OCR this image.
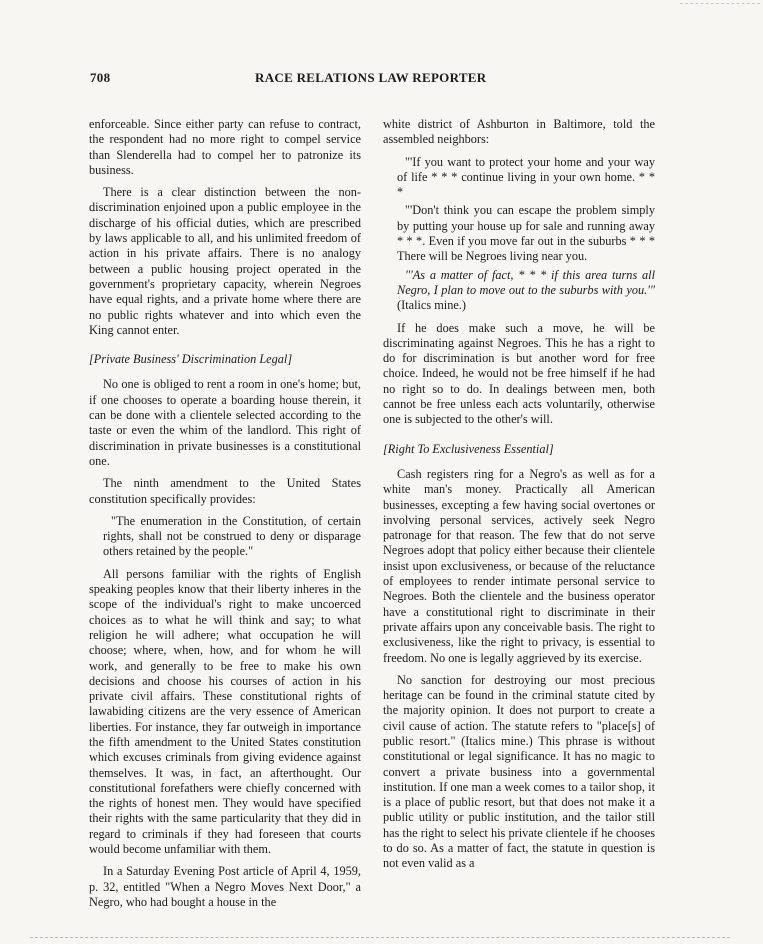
708	RACE RELATIONS LAW REPORTER

enforceable. Since either party can refuse to contract, the respondent had no more right to compel service than Slenderella had to compel her to patronize its business.

There is a clear distinction between the non-discrimination enjoined upon a public employee in the discharge of his official duties, which are prescribed by laws applicable to all, and his unlimited freedom of action in his private affairs. There is no analogy between a public housing project operated in the government's proprietary capacity, wherein Negroes have equal rights, and a private home where there are no public rights whatever and into which even the King cannot enter.

[Private Business' Discrimination Legal]

No one is obliged to rent a room in one's home; but, if one chooses to operate a boarding house therein, it can be done with a clientele selected according to the taste or even the whim of the landlord. This right of discrimination in private businesses is a constitutional one.

The ninth amendment to the United States constitution specifically provides:

"The enumeration in the Constitution, of certain rights, shall not be construed to deny or disparage others retained by the people."

All persons familiar with the rights of English speaking peoples know that their liberty inheres in the scope of the individual's right to make uncoerced choices as to what he will think and say; to what religion he will adhere; what occupation he will choose; where, when, how, and for whom he will work, and generally to be free to make his own decisions and choose his courses of action in his private civil affairs. These constitutional rights of lawabiding citizens are the very essence of American liberties. For instance, they far outweigh in importance the fifth amendment to the United States constitution which excuses criminals from giving evidence against themselves. It was, in fact, an afterthought. Our constitutional forefathers were chiefly concerned with the rights of honest men. They would have specified their rights with the same particularity that they did in regard to criminals if they had foreseen that courts would become unfamiliar with them.

In a Saturday Evening Post article of April 4, 1959, p. 32, entitled "When a Negro Moves Next Door," a Negro, who had bought a house in the

white district of Ashburton in Baltimore, told the assembled neighbors:

"'If you want to protect your home and your way of life * * * continue living in your own home. * * *

"'Don't think you can escape the problem simply by putting your house up for sale and running away * * *. Even if you move far out in the suburbs * * * There will be Negroes living near you.

"'As a matter of fact, * * * if this area turns all Negro, I plan to move out to the suburbs with you.'" (Italics mine.)

If he does make such a move, he will be discriminating against Negroes. This he has a right to do for discrimination is but another word for free choice. Indeed, he would not be free himself if he had no right so to do. In dealings between men, both cannot be free unless each acts voluntarily, otherwise one is subjected to the other's will.

[Right To Exclusiveness Essential]

Cash registers ring for a Negro's as well as for a white man's money. Practically all American businesses, excepting a few having social overtones or involving personal services, actively seek Negro patronage for that reason. The few that do not serve Negroes adopt that policy either because their clientele insist upon exclusiveness, or because of the reluctance of employees to render intimate personal service to Negroes. Both the clientele and the business operator have a constitutional right to discriminate in their private affairs upon any conceivable basis. The right to exclusiveness, like the right to privacy, is essential to freedom. No one is legally aggrieved by its exercise.

No sanction for destroying our most precious heritage can be found in the criminal statute cited by the majority opinion. It does not purport to create a civil cause of action. The statute refers to "place[s] of public resort." (Italics mine.) This phrase is without constitutional or legal significance. It has no magic to convert a private business into a governmental institution. If one man a week comes to a tailor shop, it is a place of public resort, but that does not make it a public utility or public institution, and the tailor still has the right to select his private clientele if he chooses to do so. As a matter of fact, the statute in question is not even valid as a
